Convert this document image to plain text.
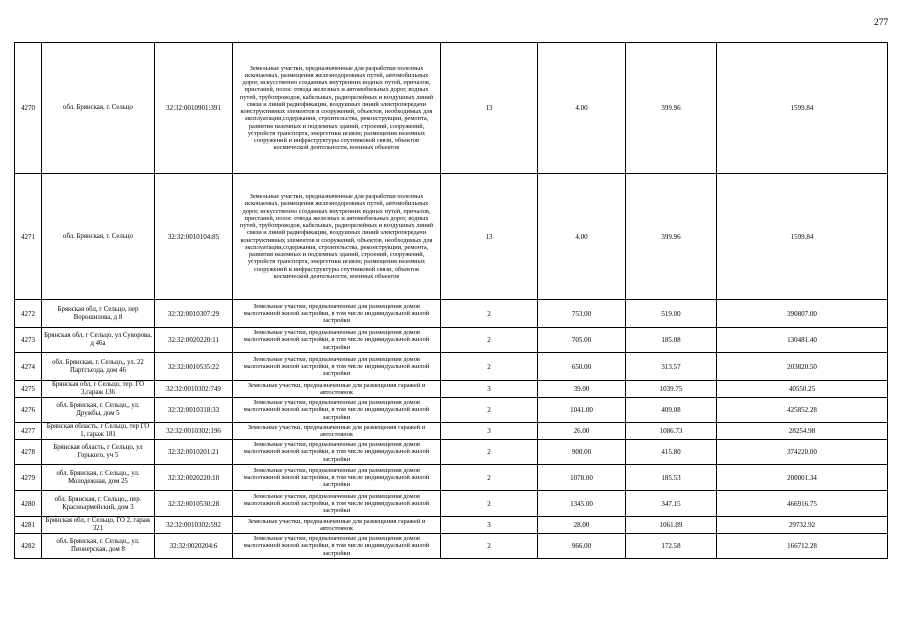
277
4270	обл. Брянская, г. Сельцо	32:32:0010901:391	Земельные участки, предназначенные для разработки полезных ископаемых, размещения железнодорожных путей, автомобильных дорог, искусственно созданных внутренних водных путей, причалов, пристаней, полос отвода железных и автомобильных дорог, водных путей, трубопроводов, кабельных, радиорелейных и воздушных линий связи и линий радиофикации, воздушных линий электропередачи конструктивных элементов и сооружений, объектов, необходимых для эксплуатации,содержания, строительства, реконструкции, ремонта, развития наземных и подземных зданий, строений, сооружений, устройств транспорта, энергетики исвязи; размещения наземных сооружений и инфраструктуры спутниковой связи, объектов космической деятельности, военных объектов	13	4.00	399.96	1599.84
4271	обл. Брянская, г. Сельцо	32:32:0010104:85	Земельные участки, предназначенные для разработки полезных ископаемых, размещения железнодорожных путей, автомобильных дорог, искусственно созданных внутренних водных путей, причалов, пристаней, полос отвода железных и автомобильных дорог, водных путей, трубопроводов, кабельных, радиорелейных и воздушных линий связи и линий радиофикации, воздушных линий электропередачи конструктивных элементов и сооружений, объектов, необходимых для эксплуатации,содержания, строительства, реконструкции, ремонта, развития наземных и подземных зданий, строений, сооружений, устройств транспорта, энергетики исвязи; размещения наземных сооружений и инфраструктуры спутниковой связи, объектов космической деятельности, военных объектов	13	4.00	399.96	1599.84
4272	Брянская обл, г Сельцо, пер Ворошилова, д 8	32:32:0010307:29	Земельные участки, предназначенные для размещения домов малоэтажной жилой застройки, в том числе индивидуальной жилой застройки	2	753.00	519.00	390807.00
4273	Брянская обл, г Сельцо, ул Суворова, д 46а	32:32:0020220:11	Земельные участки, предназначенные для размещения домов малоэтажной жилой застройки, в том числе индивидуальной жилой застройки	2	705.00	185.08	130481.40
4274	обл. Брянская, г. Сельцо,, ул. 22 Партсъезда, дом 46	32:32:0010535:22	Земельные участки, предназначенные для размещения домов малоэтажной жилой застройки, в том числе индивидуальной жилой застройки	2	650.00	313.57	203820.50
4275	Брянская обл, г Сельцо, тер. ГО 3,гараж 136	32:32:0010302:749	Земельные участки, предназначенные для размещения гаражей и автостоянок	3	39.00	1039.75	40550.25
4276	обл. Брянская, г. Сельцо,, ул. Дружбы, дом 5	32:32:0010318:33	Земельные участки, предназначенные для размещения домов малоэтажной жилой застройки, в том числе индивидуальной жилой застройки	2	1041.00	409.08	425852.28
4277	Брянская область, г Сельцо, тер ГО 1, гараж 181	32:32:0010302:196	Земельные участки, предназначенные для размещения гаражей и автостоянок	3	26.00	1086.73	28254.98
4278	Брянская область, г Сельцо, ул Горького, уч 5	32:32:0010201:21	Земельные участки, предназначенные для размещения домов малоэтажной жилой застройки, в том числе индивидуальной жилой застройки	2	900.00	415.80	374220.00
4279	обл. Брянская, г. Сельцо,, ул. Молодежная, дом 25	32:32:0020220:18	Земельные участки, предназначенные для размещения домов малоэтажной жилой застройки, в том числе индивидуальной жилой застройки	2	1078.00	185.53	200001.34
4280	обл. Брянская, г. Сельцо,, пер. Красноармейский, дом 3	32:32:0010530:28	Земельные участки, предназначенные для размещения домов малоэтажной жилой застройки, в том числе индивидуальной жилой застройки	2	1345.00	347.15	466916.75
4281	Брянская обл, г Сельцо, ГО 2, гараж 321	32:32:0010302:592	Земельные участки, предназначенные для размещения гаражей и автостоянок	3	28.00	1061.89	29732.92
4282	обл. Брянская, г. Сельцо,, ул. Пионерская, дом 8	32:32:0020204:6	Земельные участки, предназначенные для размещения домов малоэтажной жилой застройки, в том числе индивидуальной жилой застройки	2	966.00	172.58	166712.28
